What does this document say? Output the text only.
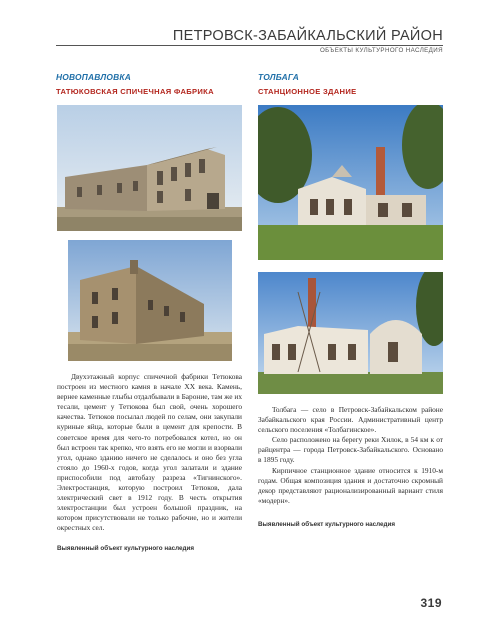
ПЕТРОВСК-ЗАБАЙКАЛЬСКИЙ РАЙОН
ОБЪЕКТЫ КУЛЬТУРНОГО НАСЛЕДИЯ
НОВОПАВЛОВКА
ТАТЮКОВСКАЯ СПИЧЕЧНАЯ ФАБРИКА

Двухэтажный корпус спичечной фабрики Тетюкова построен из местного камня в начале XX века. Камень, вернее каменные глыбы отдалбывали в Бароние, там же их тесали, цемент у Тетюкова был свой, очень хорошего качества. Тетюков посылал людей по селам, они закупали куриные яйца, которые были в цемент для крепости. В советское время для чего-то потребовался котел, но он был встроен так крепко, что взять его не могли и взорвали угол, однако зданию ничего не сделалось и оно без угла стояло до 1960-х годов, когда угол залатали и здание приспособили под автобазу разреза «Тигнинского». Электростанция, которую построил Тетюков, дала электрический свет в 1912 году. В честь открытия электростанции был устроен большой праздник, на котором присутствовали не только рабочие, но и жители окрестных сел.

Выявленный объект культурного наследия
ТОЛБАГА
СТАНЦИОННОЕ ЗДАНИЕ

Толбага — село в Петровск-Забайкальском районе Забайкальского края России. Административный центр сельского поселения «Толбагинское».

Село расположено на берегу реки Хилок, в 54 км к от райцентра — города Петровск-Забайкальского. Основано в 1895 году.

Кирпичное станционное здание относится к 1910-м годам. Общая композиция здания и достаточно скромный декор представляют рационализированный вариант стиля «модерн».

Выявленный объект культурного наследия
319
